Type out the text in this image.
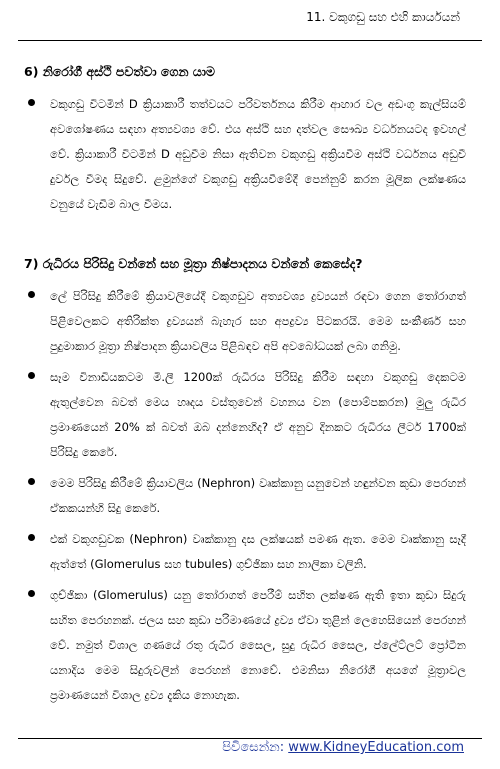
11. වකුගඩු සහ එහි කාර්යයන්
6) නිරෝගී අස්ථි පවත්වා ගෙන යාම
වකුගඩු විටමින් D ක්‍රියාකාරී තත්වයට පරිවර්තනය කිරීම ආහාර වල අඩංගු කැල්සියම් අවශෝෂණය සඳහා අත්‍යවශ්‍ය වේ. එය අස්ථි සහ දත්වල සෞඛ්‍ය වර්ධනයටද ඉවහල් වේ. ක්‍රියාකාරී විටමින් D අඩුවීම නිසා ඇතිවන වකුගඩු අක්‍රියවීම අස්ථි වර්ධනය අඩුවී දුර්වල වීමද සිදුවේ. ළමුන්ගේ වකුගඩු අක්‍රියවීමේදී පෙන්නුම් කරන මූලික ලක්ෂණය වනුයේ වැඩීම බාල වීමය.
7) රුධිරය පිරිසිදු වන්නේ සහ මූත්‍රා නිෂ්පාදනය වන්නේ කෙසේද?
ලේ පිරිසිදු කිරීමේ ක්‍රියාවලියේදී වකුගඩුව අත්‍යවශ්‍ය ද්‍රව්‍යයන් රඳවා ගෙන තෝරාගත් පිළිවෙලකට අතිරික්ත ද්‍රව්‍යයන් බැහැර සහ අපද්‍රව්‍ය පිටකරයි. මෙම සංකීර්ණ සහ පුදුමාකාර මූත්‍රා නිෂ්පාදන ක්‍රියාවලිය පිළිබඳව අපි අවබෝධයක් ලබා ගනිමු.
සෑම විනාඩියකටම මි.ලී 1200ක් රුධිරය පිරිසිදු කිරීම සඳහා වකුගඩු දෙකටම ඇතුල්වෙන බවත් මෙය හෘදය වස්තුවෙන් වහනය වන (පොම්පකරන) මුලු රුධිර ප්‍රමාණයෙන් 20% ක් බවත් ඔබ දන්නෙහිද? ඒ අනුව දිනකට රුධිරය ලීටර් 1700ක් පිරිසිදු කෙරේ.
මෙම පිරිසිදු කිරීමේ ක්‍රියාවලිය (Nephron) වෘක්කානු යනුවෙන් හඳුන්වන කුඩා පෙරහන් ඒකකයන්හි සිදු කෙරේ.
එක් වකුගඩුවක (Nephron) වෘක්කානු දස ලක්ෂයක් පමණ ඇත. මෙම වෘක්කානු සෑදී ඇත්තේ (Glomerulus සහ tubules) ගුච්ඡිකා සහ නාලිකා වලිනි.
ගුච්ඡිකා (Glomerulus) යනු තෝරාගත් පෙරීම් සහිත ලක්ෂණ ඇති ඉතා කුඩා සිදුරු සහිත පෙරහනක්. ජලය සහ කුඩා පරිමාණයේ ද්‍රව්‍ය ඒවා තුළින් ලෙහෙසියෙන් පෙරහන් වේ. නමුත් විශාල ගණයේ රතු රුධිර සෛල, සුදු රුධිර සෛල, ප්ලේට්ලට් ප්‍රෝටීන යනාදිය මෙම සිදුරුවලින් පෙරහන් නොවේ. එමනිසා නිරෝගී අයගේ මූත්‍රාවල ප්‍රමාණයෙන් විශාල ද්‍රව්‍ය දැකිය නොහැක.
පිවිසෙන්න: www.KidneyEducation.com
